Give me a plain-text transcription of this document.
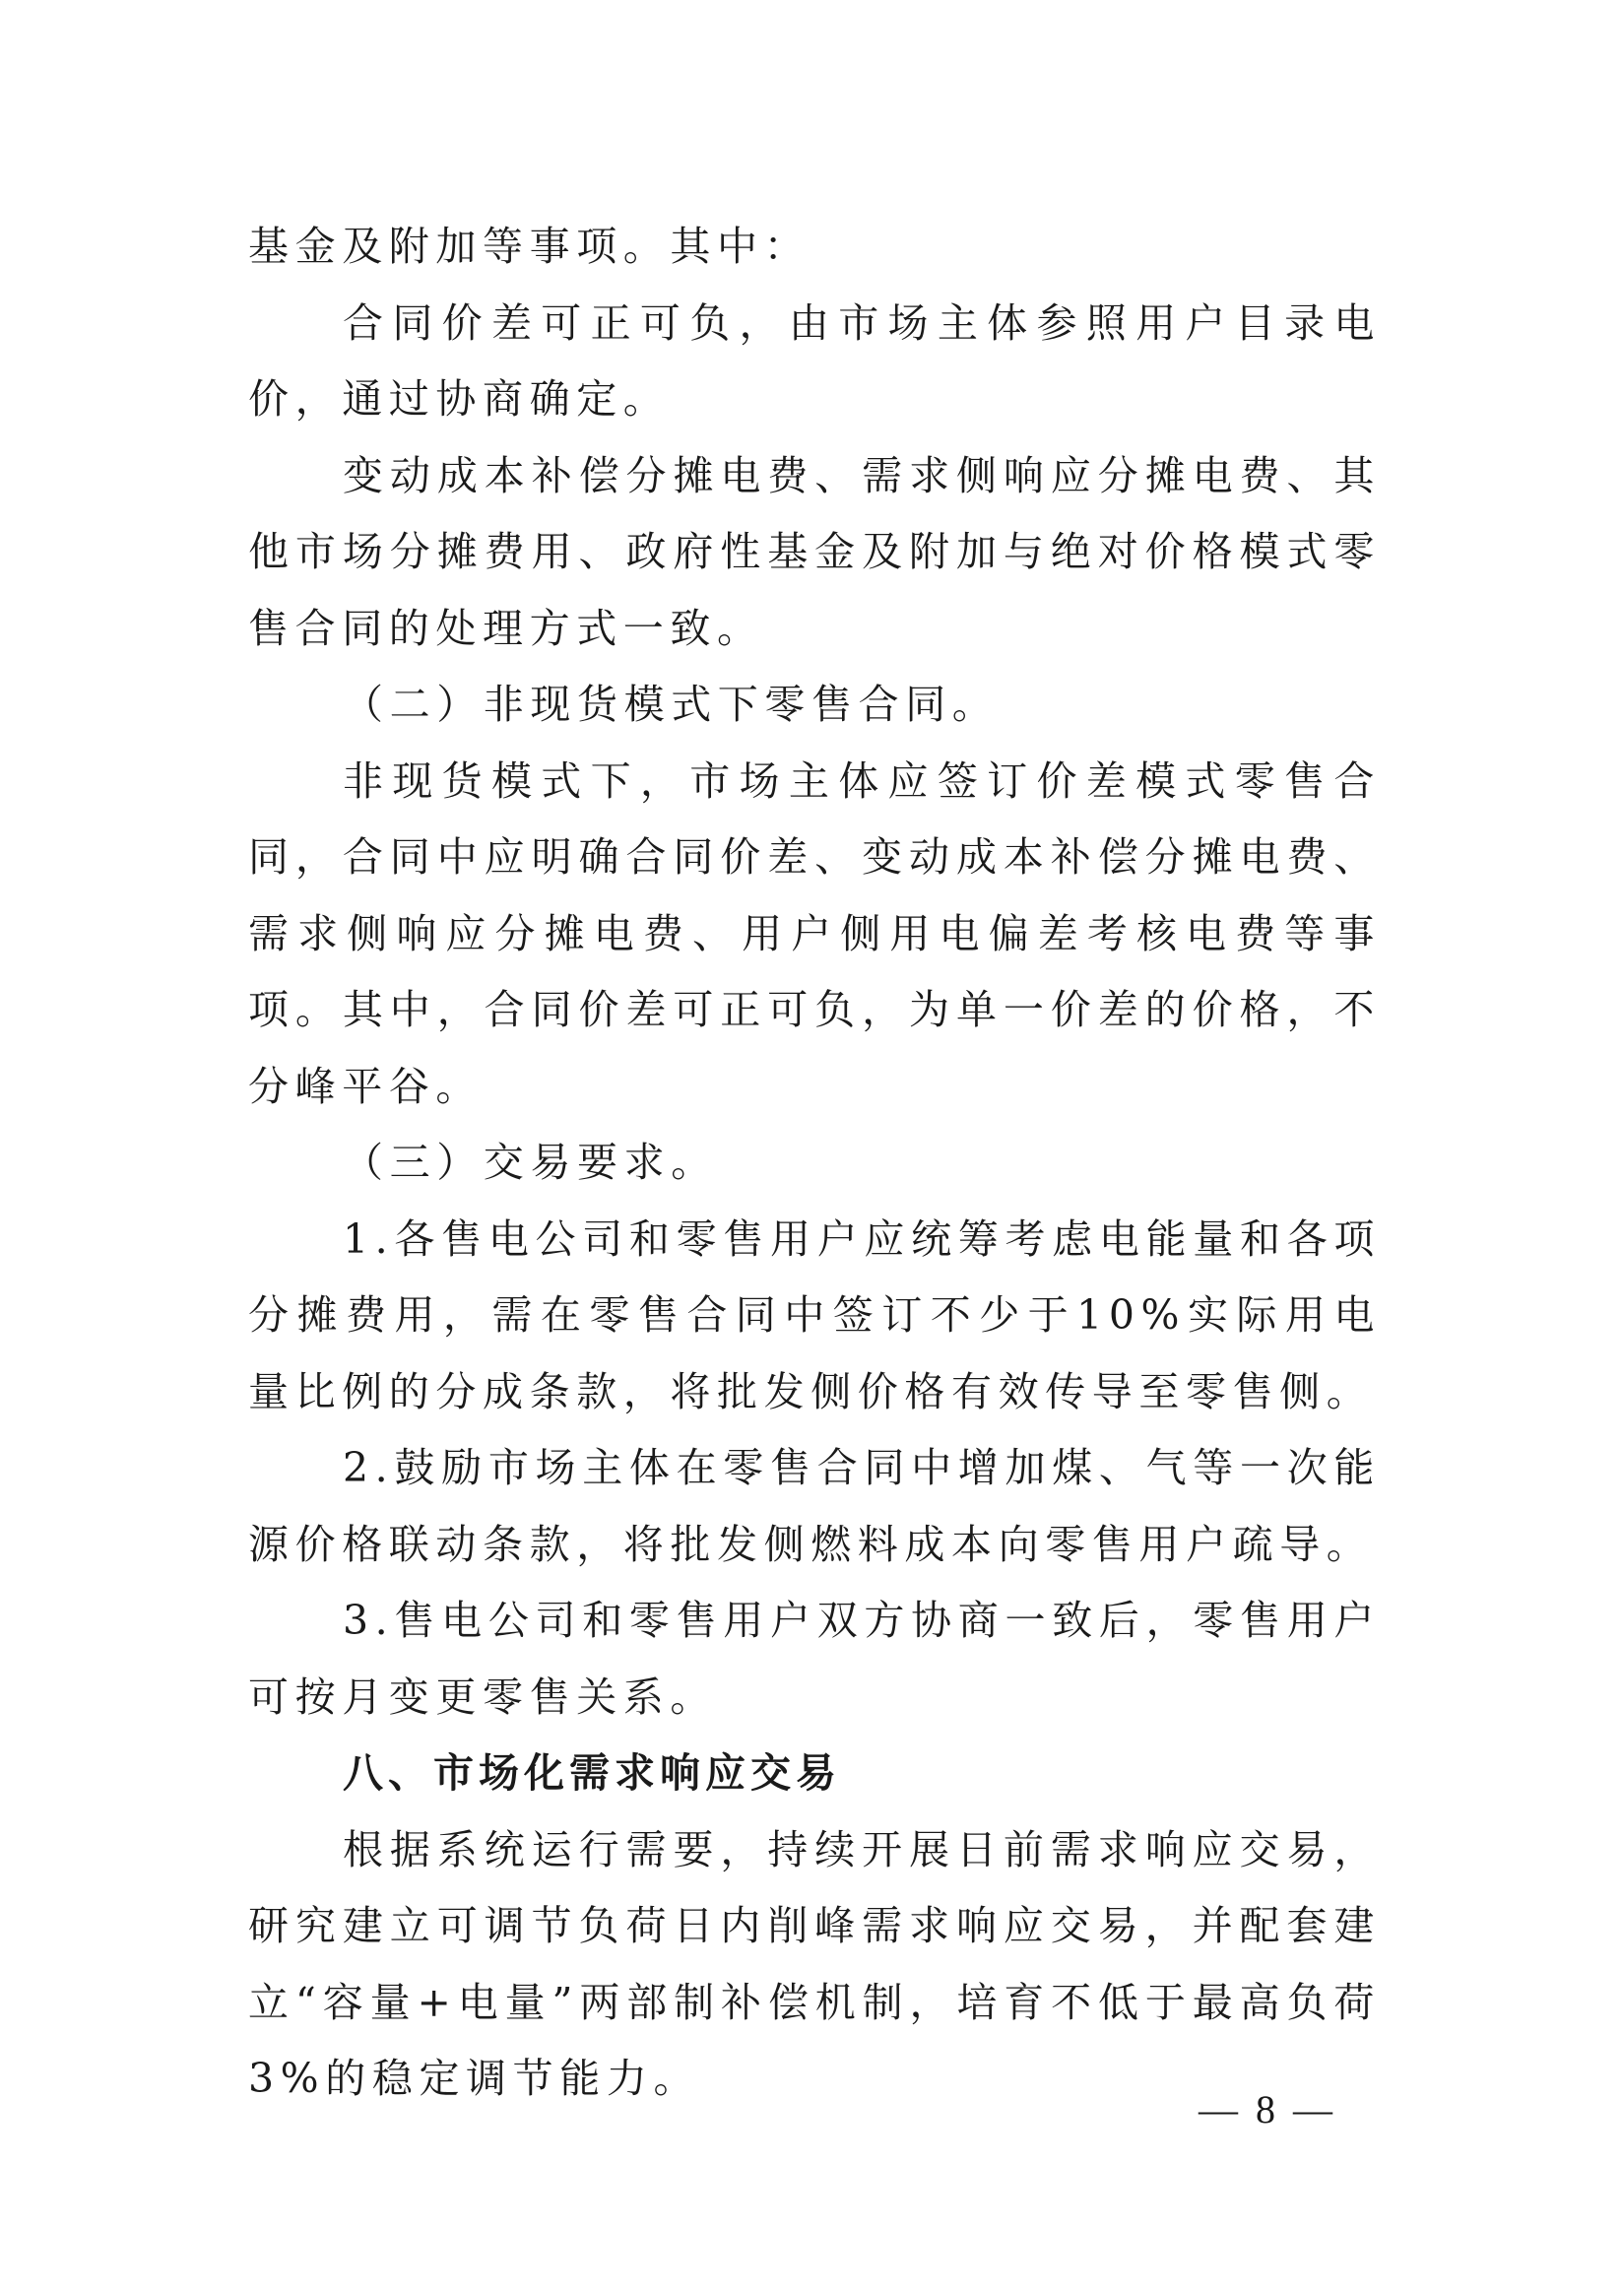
基金及附加等事项。其中：

合同价差可正可负，由市场主体参照用户目录电价，通过协商确定。

变动成本补偿分摊电费、需求侧响应分摊电费、其他市场分摊费用、政府性基金及附加与绝对价格模式零售合同的处理方式一致。

（二）非现货模式下零售合同。

非现货模式下，市场主体应签订价差模式零售合同，合同中应明确合同价差、变动成本补偿分摊电费、需求侧响应分摊电费、用户侧用电偏差考核电费等事项。其中，合同价差可正可负，为单一价差的价格，不分峰平谷。

（三）交易要求。

1.各售电公司和零售用户应统筹考虑电能量和各项分摊费用，需在零售合同中签订不少于10%实际用电量比例的分成条款，将批发侧价格有效传导至零售侧。

2.鼓励市场主体在零售合同中增加煤、气等一次能源价格联动条款，将批发侧燃料成本向零售用户疏导。

3.售电公司和零售用户双方协商一致后，零售用户可按月变更零售关系。

八、市场化需求响应交易

根据系统运行需要，持续开展日前需求响应交易，研究建立可调节负荷日内削峰需求响应交易，并配套建立“容量+电量”两部制补偿机制，培育不低于最高负荷3%的稳定调节能力。

— 8 —
